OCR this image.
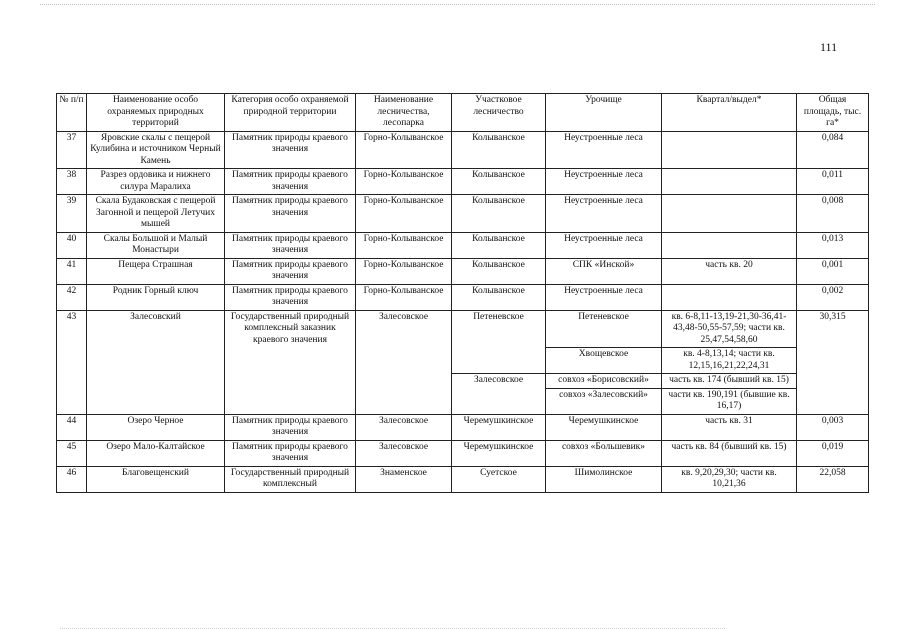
111
№ п/п	Наименование особо охраняемых природных территорий	Категория особо охраняемой природной территории	Наименование лесничества, лесопарка	Участковое лесничество	Урочище	Квартал/выдел*	Общая площадь, тыс. га*
37	Яровские скалы с пещерой Кулибина и источником Черный Камень	Памятник природы краевого значения	Горно-Колыванское	Колыванское	Неустроенные леса		0,084
38	Разрез ордовика и нижнего силура Маралиха	Памятник природы краевого значения	Горно-Колыванское	Колыванское	Неустроенные леса		0,011
39	Скала Будаковская с пещерой Загонной и пещерой Летучих мышей	Памятник природы краевого значения	Горно-Колыванское	Колыванское	Неустроенные леса		0,008
40	Скалы Большой и Малый Монастыри	Памятник природы краевого значения	Горно-Колыванское	Колыванское	Неустроенные леса		0,013
41	Пещера Страшная	Памятник природы краевого значения	Горно-Колыванское	Колыванское	СПК «Инской»	часть кв. 20	0,001
42	Родник Горный ключ	Памятник природы краевого значения	Горно-Колыванское	Колыванское	Неустроенные леса		0,002
43	Залесовский	Государственный природный комплексный заказник краевого значения	Залесовское	Петеневское	Петеневское	кв. 6-8,11-13,19-21,30-36,41-43,48-50,55-57,59; части кв. 25,47,54,58,60	30,315
					Хвощевское	кв. 4-8,13,14; части кв. 12,15,16,21,22,24,31	
				Залесовское	совхоз «Борисовский»	часть кв. 174 (бывший кв. 15)	
					совхоз «Залесовский»	части кв. 190,191 (бывшие кв. 16,17)	
44	Озеро Черное	Памятник природы краевого значения	Залесовское	Черемушкинское	Черемушкинское	часть кв. 31	0,003
45	Озеро Мало-Калтайское	Памятник природы краевого значения	Залесовское	Черемушкинское	совхоз «Большевик»	часть кв. 84 (бывший кв. 15)	0,019
46	Благовещенский	Государственный природный комплексный	Знаменское	Суетское	Шимолинское	кв. 9,20,29,30; части кв. 10,21,36	22,058
